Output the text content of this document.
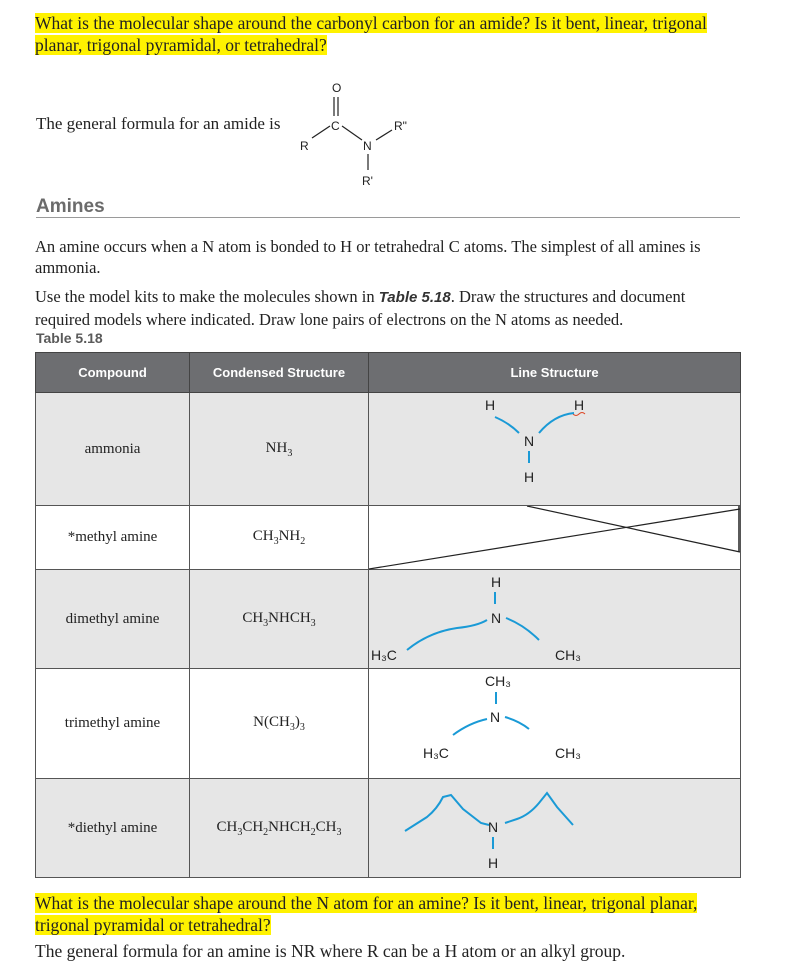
What is the molecular shape around the carbonyl carbon for an amide? Is it bent, linear, trigonal planar, trigonal pyramidal, or tetrahedral?
The general formula for an amide is
O
C
R	N
R"
R'
Amines
An amine occurs when a N atom is bonded to H or tetrahedral C atoms. The simplest of all amines is ammonia.
Use the model kits to make the molecules shown in Table 5.18. Draw the structures and document required models where indicated. Draw lone pairs of electrons on the N atoms as needed.
Table 5.18
Compound	Condensed Structure	Line Structure
ammonia	$NH_3$	H H
N
H

*methyl amine	$CH_3NH_2$	

dimethyl amine	$CH_3NHCH_3$	H
N
H₃C CH₃

trimethyl amine	$N(CH_3)_3$	CH₃
N
H₃C CH₃

*diethyl amine	$CH_3CH_2NHCH_2CH_3$	N
H
What is the molecular shape around the N atom for an amine? Is it bent, linear, trigonal planar, trigonal pyramidal or tetrahedral?
The general formula for an amine is NR where R can be a H atom or an alkyl group.
